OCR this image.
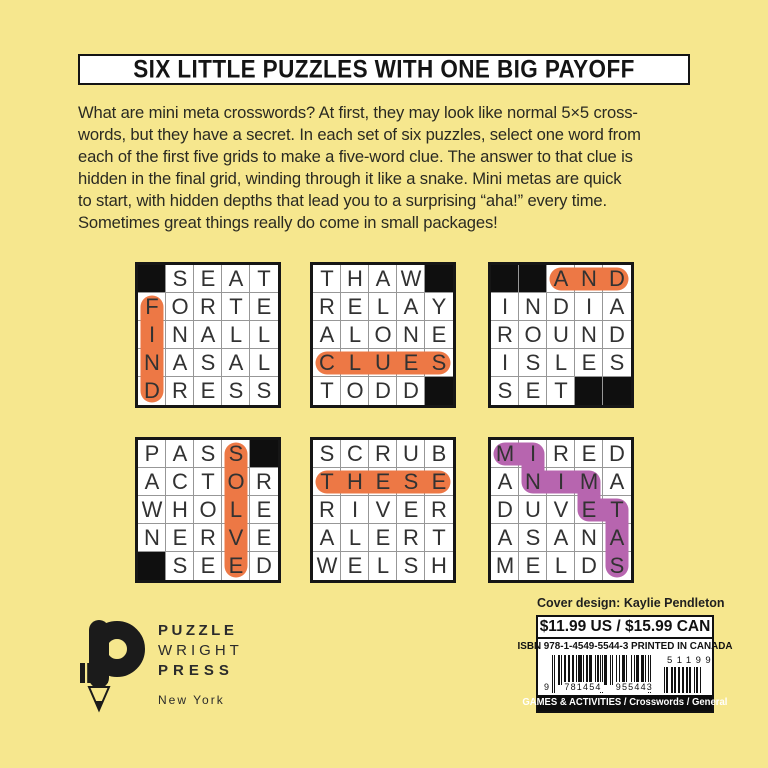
SIX LITTLE PUZZLES WITH ONE BIG PAYOFF
What are mini meta crosswords? At first, they may look like normal 5×5 cross-
words, but they have a secret. In each set of six puzzles, select one word from
each of the first five grids to make a five-word clue. The answer to that clue is
hidden in the final grid, winding through it like a snake. Mini metas are quick
to start, with hidden depths that lead you to a surprising “aha!” every time.
Sometimes great things really do come in small packages!
S E A T
F O R T E
I N A L L
N A S A L
D R E S S
T H A W
R E L A Y
A L O N E
C L U E S
T O D D
A N D
I N D I A
R O U N D
I S L E S
S E T
P A S S
A C T O R
W H O L E
N E R V E
S E E D
S C R U B
T H E S E
R I V E R
A L E R T
W E L S H
M I R E D
A N I M A
D U V E T
A S A N A
M E L D S
PUZZLE
WRIGHT
PRESS
New York
Cover design: Kaylie Pendleton
$11.99 US / $15.99 CAN
ISBN 978-1-4549-5544-3 PRINTED IN CANADA
9 781454 955443
51199
GAMES & ACTIVITIES / Crosswords / General
